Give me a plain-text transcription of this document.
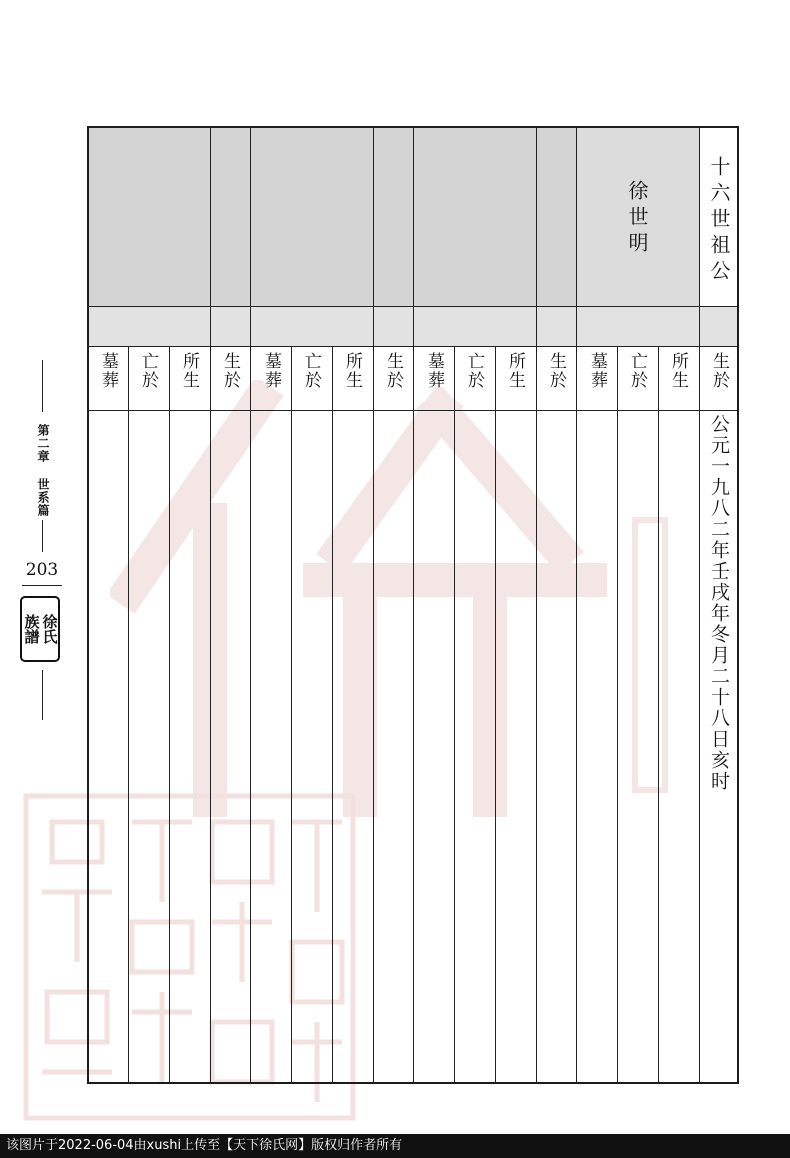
十六世祖公
徐世明
生於
所生
亡於
墓葬
生於
所生
亡於
墓葬
生於
所生
亡於
墓葬
生於
所生
亡於
墓葬
公元一九八二年壬戌年冬月二十八日亥时
第二章 世系篇
203
徐氏
族譜
该图片于2022-06-04由xushi上传至【天下徐氏网】版权归作者所有
